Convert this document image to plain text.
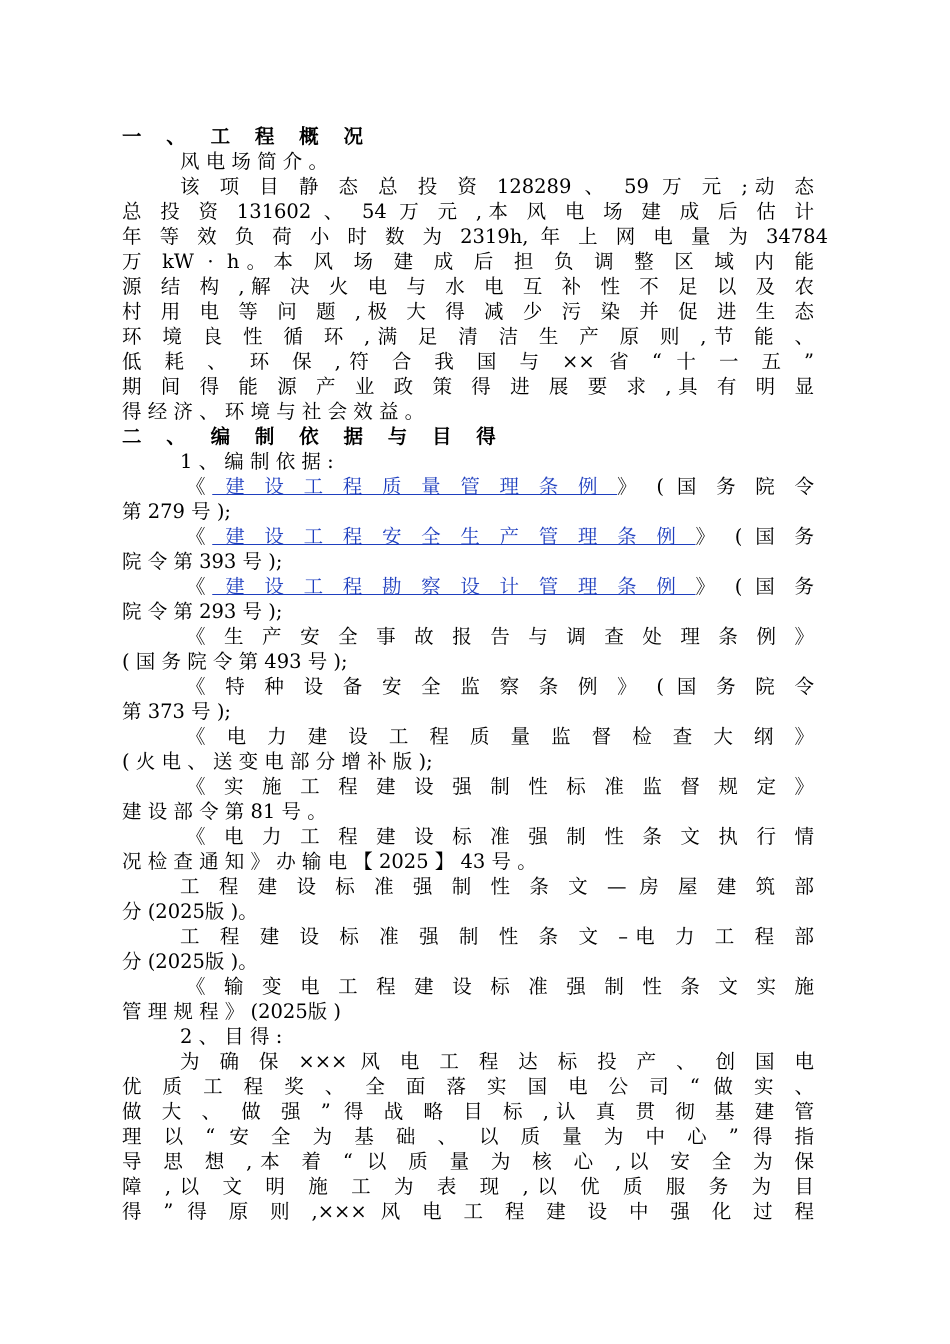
一 、 工 程 概 况
风 电 场 简 介 。
该 项 目 静 态 总 投 资 128289 、 59 万 元 ;动 态
总 投 资 131602 、 54 万 元 ,本 风 电 场 建 成 后 估 计
年 等 效 负 荷 小 时 数 为 2319h, 年 上 网 电 量 为 34784
万 kW · h。本 风 场 建 成 后 担 负 调 整 区 域 内 能
源 结 构 ,解 决 火 电 与 水 电 互 补 性 不 足 以 及 农
村 用 电 等 问 题 ,极 大 得 减 少 污 染 并 促 进 生 态
环 境 良 性 循 环 ,满 足 清 洁 生 产 原 则 ,节 能 、
低 耗 、 环 保 ,符 合 我 国 与 ×× 省 “ 十 一 五 ”
期 间 得 能 源 产 业 政 策 得 进 展 要 求 ,具 有 明 显
得 经 济 、 环 境 与 社 会 效 益 。
二 、 编 制 依 据 与 目 得
1 、 编 制 依 据 :
《 建 设 工 程 质 量 管 理 条 例 》 ( 国 务 院 令
第 279 号 );
《 建 设 工 程 安 全 生 产 管 理 条 例 》 ( 国 务
院 令 第 393 号 );
《 建 设 工 程 勘 察 设 计 管 理 条 例 》 ( 国 务
院 令 第 293 号 );
《 生 产 安 全 事 故 报 告 与 调 查 处 理 条 例 》
( 国 务 院 令 第 493 号 );
《 特 种 设 备 安 全 监 察 条 例 》 ( 国 务 院 令
第 373 号 );
《 电 力 建 设 工 程 质 量 监 督 检 查 大 纲 》
( 火 电 、 送 变 电 部 分 增 补 版 );
《 实 施 工 程 建 设 强 制 性 标 准 监 督 规 定 》
建 设 部 令 第 81 号 。
《 电 力 工 程 建 设 标 准 强 制 性 条 文 执 行 情
况 检 查 通 知 》 办 输 电 【 2025 】 43 号 。
工 程 建 设 标 准 强 制 性 条 文 — 房 屋 建 筑 部
分 (2025版 )。
工 程 建 设 标 准 强 制 性 条 文 –电 力 工 程 部
分 (2025版 )。
《 输 变 电 工 程 建 设 标 准 强 制 性 条 文 实 施
管 理 规 程 》 (2025版 )
2 、 目 得 :
为 确 保 ××× 风 电 工 程 达 标 投 产 、 创 国 电
优 质 工 程 奖 、 全 面 落 实 国 电 公 司 “ 做 实 、
做 大 、 做 强 ” 得 战 略 目 标 ,认 真 贯 彻 基 建 管
理 以 “ 安 全 为 基 础 、 以 质 量 为 中 心 ” 得 指
导 思 想 ,本 着 “ 以 质 量 为 核 心 ,以 安 全 为 保
障 ,以 文 明 施 工 为 表 现 ,以 优 质 服 务 为 目
得 ” 得 原 则 ,××× 风 电 工 程 建 设 中 强 化 过 程
